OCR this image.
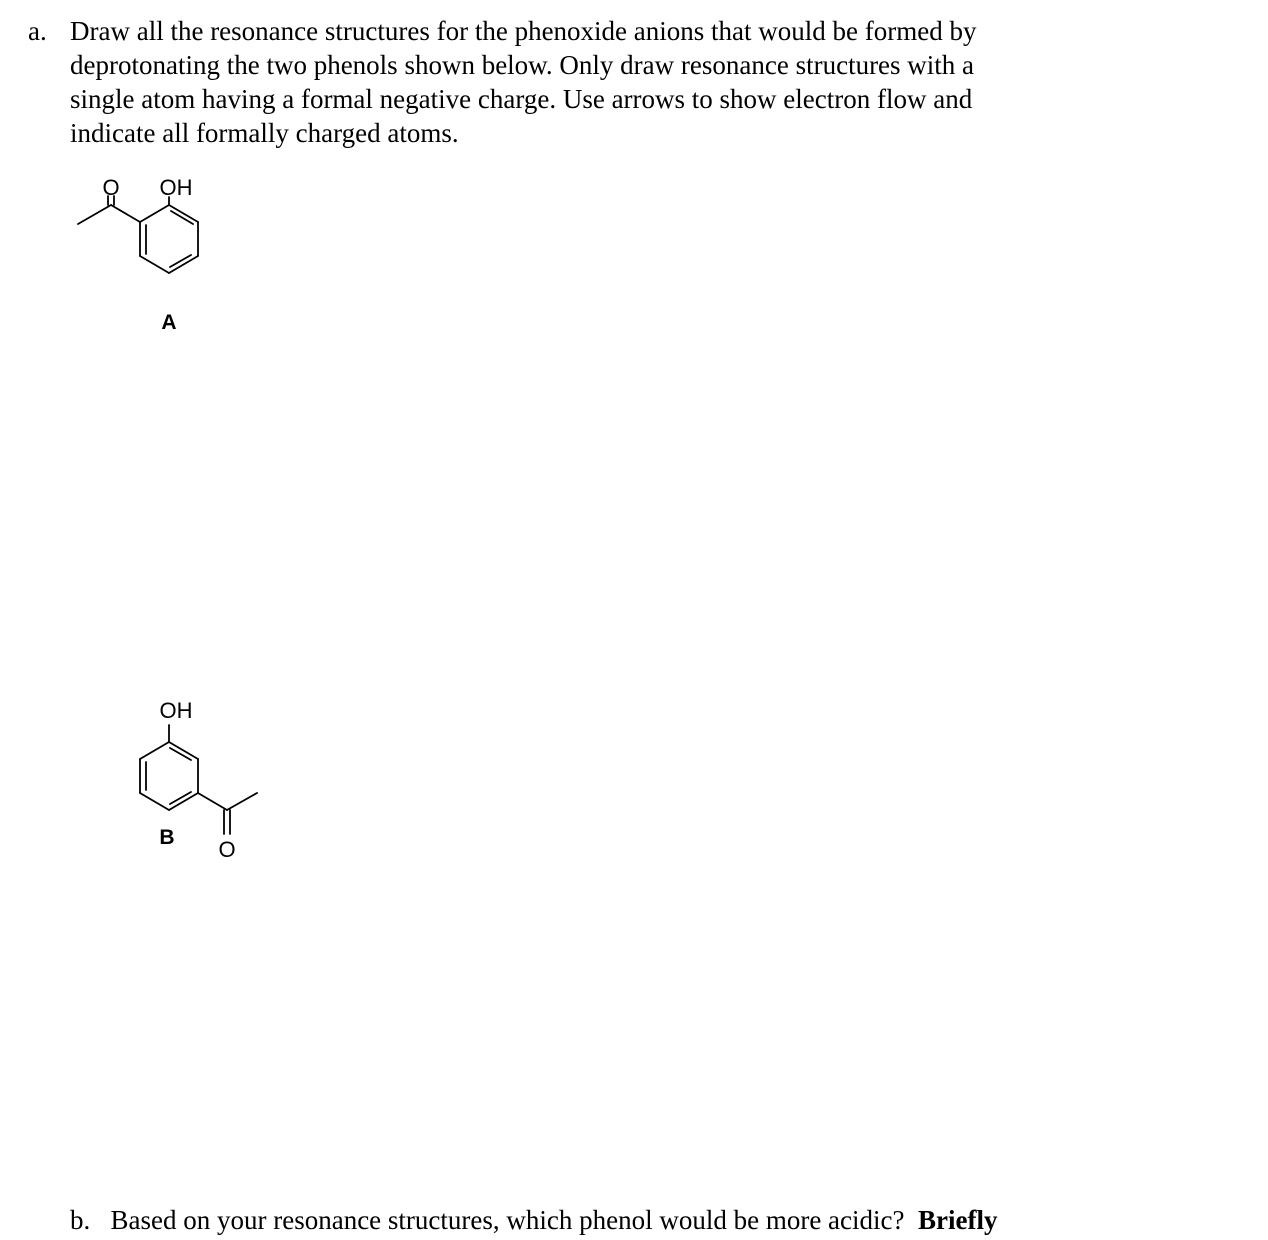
a. Draw all the resonance structures for the phenoxide anions that would be formed by
deprotonating the two phenols shown below. Only draw resonance structures with a
single atom having a formal negative charge. Use arrows to show electron flow and
indicate all formally charged atoms.
O OH
A
OH
B O
b. Based on your resonance structures, which phenol would be more acidic? Briefly
